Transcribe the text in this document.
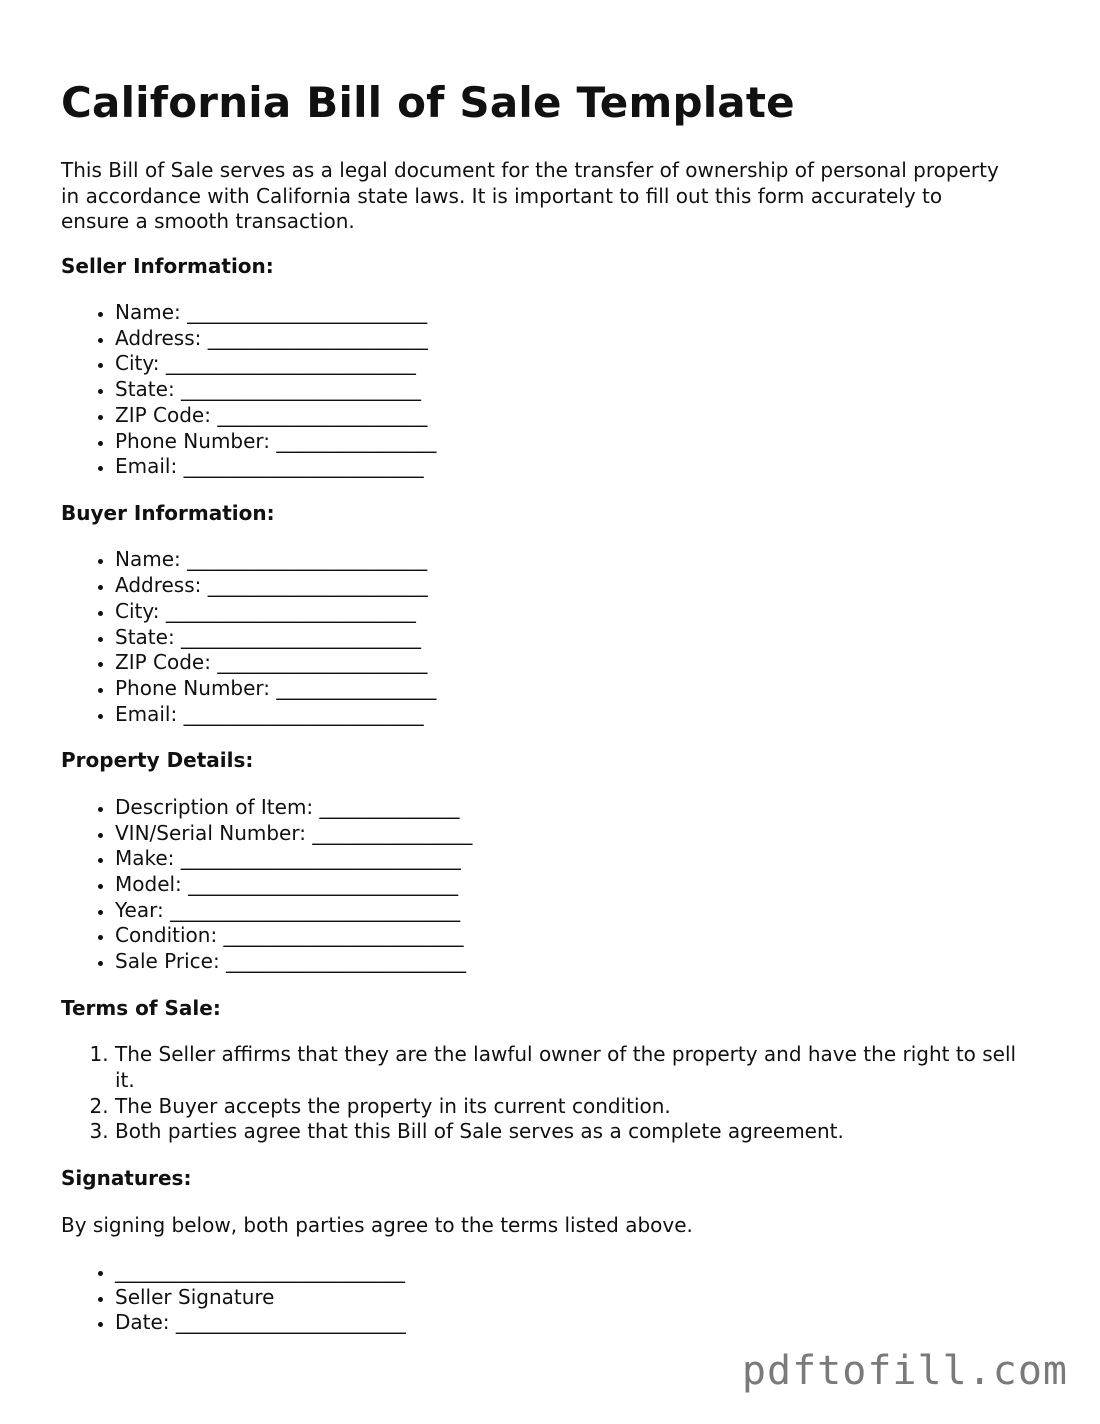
California Bill of Sale Template

This Bill of Sale serves as a legal document for the transfer of ownership of personal property in accordance with California state laws. It is important to fill out this form accurately to ensure a smooth transaction.

Seller Information:
• Name: ________________________
• Address: ______________________
• City: _________________________
• State: ________________________
• ZIP Code: _____________________
• Phone Number: ________________
• Email: ________________________
Buyer Information:
• Name: ________________________
• Address: ______________________
• City: _________________________
• State: ________________________
• ZIP Code: _____________________
• Phone Number: ________________
• Email: ________________________
Property Details:
• Description of Item: ______________
• VIN/Serial Number: ________________
• Make: ____________________________
• Model: ___________________________
• Year: _____________________________
• Condition: ________________________
• Sale Price: ________________________
Terms of Sale:
1. The Seller affirms that they are the lawful owner of the property and have the right to sell it.
2. The Buyer accepts the property in its current condition.
3. Both parties agree that this Bill of Sale serves as a complete agreement.
Signatures:

By signing below, both parties agree to the terms listed above.

• _____________________________
• Seller Signature
• Date: _______________________
pdftofill.com
